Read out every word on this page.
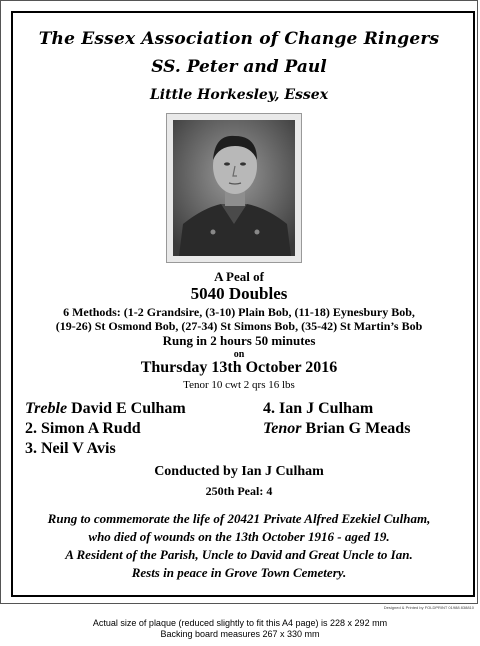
The Essex Association of Change Ringers
SS. Peter and Paul
Little Horkesley, Essex
A Peal of
5040 Doubles
6 Methods: (1-2 Grandsire, (3-10) Plain Bob, (11-18) Eynesbury Bob,
(19-26) St Osmond Bob, (27-34) St Simons Bob, (35-42) St Martin’s Bob
Rung in 2 hours 50 minutes
on
Thursday 13th October 2016
Tenor 10 cwt 2 qrs 16 lbs
Treble David E Culham
2. Simon A Rudd
3. Neil V Avis
4. Ian J Culham
Tenor Brian G Meads
Conducted by Ian J Culham
250th Peal: 4
Rung to commemorate the life of 20421 Private Alfred Ezekiel Culham,
who died of wounds on the 13th October 1916 - aged 19.
A Resident of the Parish, Uncle to David and Great Uncle to Ian.
Rests in peace in Grove Town Cemetery.
Designed & Printed by FOLDPRINT 01988 838810
Actual size of plaque (reduced slightly to fit this A4 page) is 228 x 292 mm
Backing board measures 267 x 330 mm
